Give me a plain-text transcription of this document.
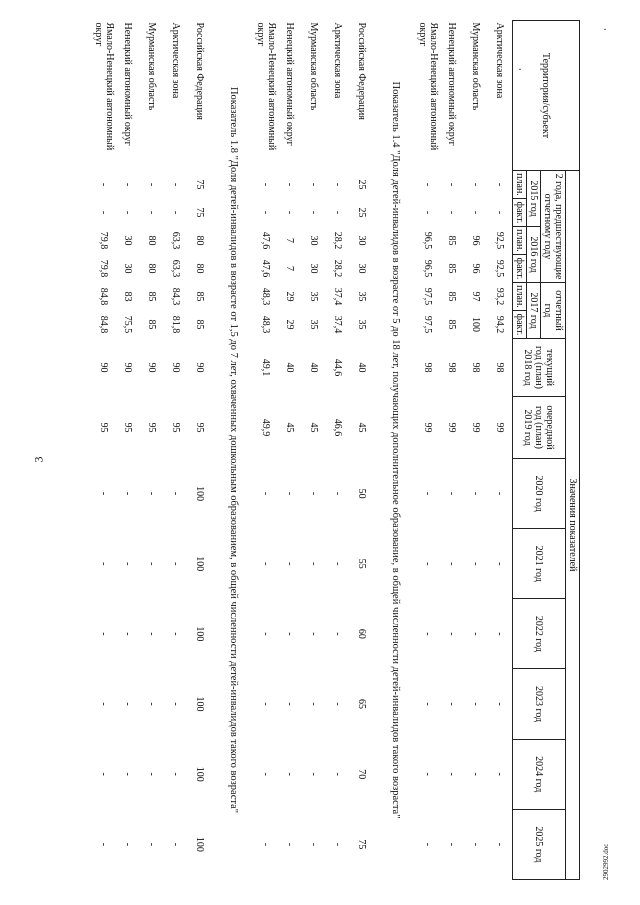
3
·
·
2902992.doc
Территория/субъект	Значения показателей													
	2 года, предшествующие отчетному году				отчетный год		текущий год (план) 2018 год	очередной год (план) 2019 год	2020 год	2021 год	2022 год	2023 год	2024 год	2025 год
	2015 год		2016 год		2017 год									
	план.	факт.	план.	факт.	план.	факт.								
Арктическая зона	-	-	92,5	92,5	93,2	94,2	98	99	-	-	-	-	-	-
Мурманская область	-	-	96	96	97	100	98	99	-	-	-	-	-	-
Ненецкий автономный округ	-	-	85	85	85	85	98	99	-	-	-	-	-	-
Ямало-Ненецкий автономный округ	-	-	96,5	96,5	97,5	97,5	98	99	-	-	-	-	-	-
Показатель 1.4 "Доля детей-инвалидов в возрасте от 5 до 18 лет, получающих дополнительное образование, в общей численности детей-инвалидов такого возраста"														
Российская Федерация	25	25	30	30	35	35	40	45	50	55	60	65	70	75
Арктическая зона	-	-	28,2	28,2	37,4	37,4	44,6	46,6	-	-	-	-	-	-
Мурманская область	-	-	30	30	35	35	40	45	-	-	-	-	-	-
Ненецкий автономный округ	-	-	7	7	29	29	40	45	-	-	-	-	-	-
Ямало-Ненецкий автономный округ	-	-	47,6	47,6	48,3	48,3	49,1	49,9	-	-	-	-	-	-
Показатель 1.8 "Доля детей-инвалидов в возрасте от 1,5 до 7 лет, охваченных дошкольным образованием, в общей численности детей-инвалидов такого возраста"														
Российская Федерация	75	75	80	80	85	85	90	95	100	100	100	100	100	100
Арктическая зона	-	-	63,3	63,3	84,3	81,8	90	95	-	-	-	-	-	-
Мурманская область	-	-	80	80	85	85	90	95	-	-	-	-	-	-
Ненецкий автономный округ	-	-	30	30	83	75,5	90	95	-	-	-	-	-	-
Ямало-Ненецкий автономный округ	-	-	79,8	79,8	84,8	84,8	90	95	-	-	-	-	-	-
